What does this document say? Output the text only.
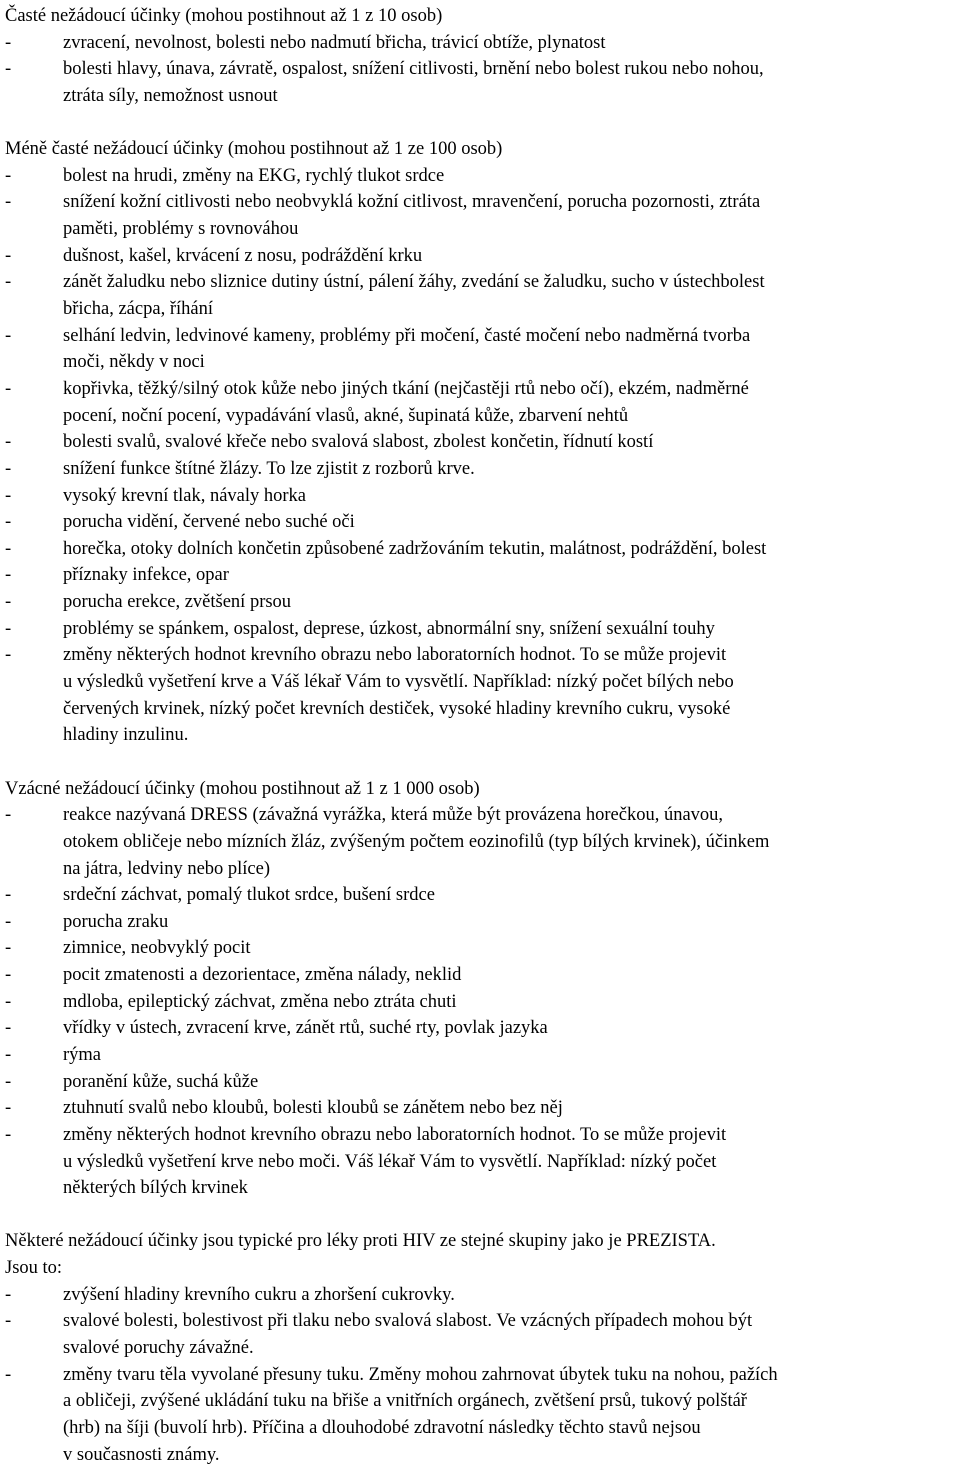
Časté nežádoucí účinky (mohou postihnout až 1 z 10 osob)
-	zvracení, nevolnost, bolesti nebo nadmutí břicha, trávicí obtíže, plynatost
-	bolesti hlavy, únava, závratě, ospalost, snížení citlivosti, brnění nebo bolest rukou nebo nohou,
ztráta síly, nemožnost usnout
Méně časté nežádoucí účinky (mohou postihnout až 1 ze 100 osob)
-	bolest na hrudi, změny na EKG, rychlý tlukot srdce
-	snížení kožní citlivosti nebo neobvyklá kožní citlivost, mravenčení, porucha pozornosti, ztráta
paměti, problémy s rovnováhou
-	dušnost, kašel, krvácení z nosu, podráždění krku
-	zánět žaludku nebo sliznice dutiny ústní, pálení žáhy, zvedání se žaludku, sucho v ústechbolest
břicha, zácpa, říhání
-	selhání ledvin, ledvinové kameny, problémy při močení, časté močení nebo nadměrná tvorba
moči, někdy v noci
-	kopřivka, těžký/silný otok kůže nebo jiných tkání (nejčastěji rtů nebo očí), ekzém, nadměrné
pocení, noční pocení, vypadávání vlasů, akné, šupinatá kůže, zbarvení nehtů
-	bolesti svalů, svalové křeče nebo svalová slabost, zbolest končetin, řídnutí kostí
-	snížení funkce štítné žlázy. To lze zjistit z rozborů krve.
-	vysoký krevní tlak, návaly horka
-	porucha vidění, červené nebo suché oči
-	horečka, otoky dolních končetin způsobené zadržováním tekutin, malátnost, podráždění, bolest
-	příznaky infekce, opar
-	porucha erekce, zvětšení prsou
-	problémy se spánkem, ospalost, deprese, úzkost, abnormální sny, snížení sexuální touhy
-	změny některých hodnot krevního obrazu nebo laboratorních hodnot. To se může projevit
u výsledků vyšetření krve a Váš lékař Vám to vysvětlí. Například: nízký počet bílých nebo
červených krvinek, nízký počet krevních destiček, vysoké hladiny krevního cukru, vysoké
hladiny inzulinu.
Vzácné nežádoucí účinky (mohou postihnout až 1 z 1 000 osob)
-	reakce nazývaná DRESS (závažná vyrážka, která může být provázena horečkou, únavou,
otokem obličeje nebo mízních žláz, zvýšeným počtem eozinofilů (typ bílých krvinek), účinkem
na játra, ledviny nebo plíce)
-	srdeční záchvat, pomalý tlukot srdce, bušení srdce
-	porucha zraku
-	zimnice, neobvyklý pocit
-	pocit zmatenosti a dezorientace, změna nálady, neklid
-	mdloba, epileptický záchvat, změna nebo ztráta chuti
-	vřídky v ústech, zvracení krve, zánět rtů, suché rty, povlak jazyka
-	rýma
-	poranění kůže, suchá kůže
-	ztuhnutí svalů nebo kloubů, bolesti kloubů se zánětem nebo bez něj
-	změny některých hodnot krevního obrazu nebo laboratorních hodnot. To se může projevit
u výsledků vyšetření krve nebo moči. Váš lékař Vám to vysvětlí. Například: nízký počet
některých bílých krvinek
Některé nežádoucí účinky jsou typické pro léky proti HIV ze stejné skupiny jako je PREZISTA.
Jsou to:
-	zvýšení hladiny krevního cukru a zhoršení cukrovky.
-	svalové bolesti, bolestivost při tlaku nebo svalová slabost. Ve vzácných případech mohou být
svalové poruchy závažné.
-	změny tvaru těla vyvolané přesuny tuku. Změny mohou zahrnovat úbytek tuku na nohou, pažích
a obličeji, zvýšené ukládání tuku na břiše a vnitřních orgánech, zvětšení prsů, tukový polštář
(hrb) na šíji (buvolí hrb). Příčina a dlouhodobé zdravotní následky těchto stavů nejsou
v současnosti známy.
